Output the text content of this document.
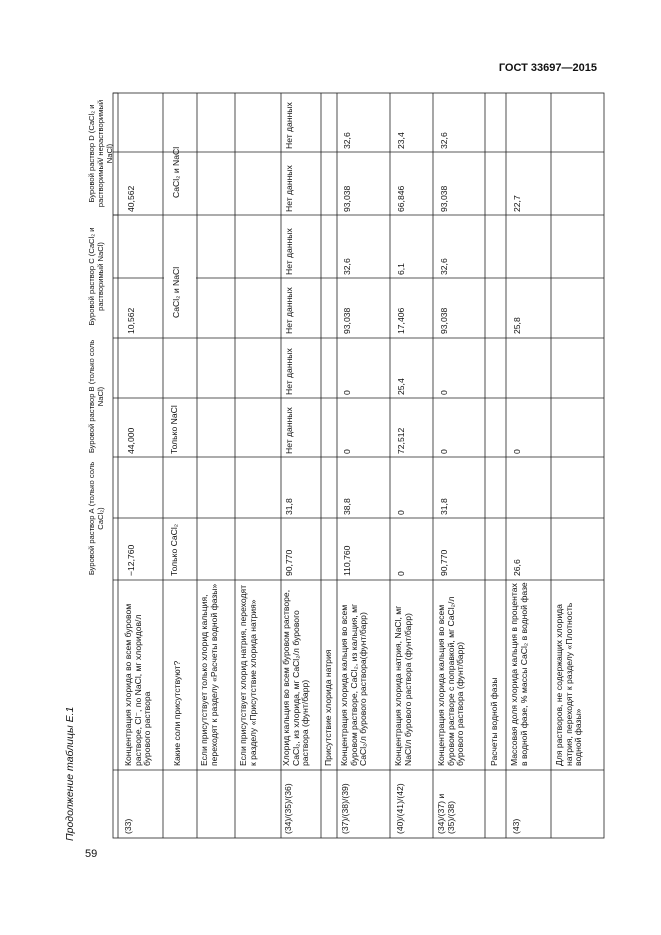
ГОСТ 33697—2015
Продолжение таблицы Е.1
59
Буровой раствор D (CaCl₂ и растворимый/ нерастворимый NaCl)
Буровой раствор С (CaCl₂ и растворимый NaCl)
Буровой раствор В (только соль NaCl)
Буровой раствор А (только соль CaCl₂)
(33)
Концентрация хлорида во всем буровом растворе, Cl⁻, по NaCl, мг хлоридов/л бурового раствора
−12,760
44,000
10,562
40,562
Какие соли присутствуют?
Только CaCl₂
Только NaCl
CaCl₂ и NaCl
CaCl₂ и NaCl
Если присутствует только хлорид кальция, переходят к разделу «Расчеты водной фазы» Если присутствует хлорид натрия, переходят к разделу «Присутствие хлорида натрия»
(34)/(35)/(36)
Хлорид кальция во всем буровом растворе, CaCl₂, из хлорида, мг CaCl₂/л бурового раствора (фунт/барр)
90,770
31,8
Нет данных
Нет данных
Нет данных
Нет данных
Нет данных
Нет данных
Присутствие хлорида натрия
(37)/(38)/(39)
Концентрация хлорида кальция во всем буровом растворе, CaCl₂, из кальция, мг CaCl₂/л бурового раствора(фунт/барр)
110,760
38,8
0
0
93,038
32,6
93,038
32,6
(40)/(41)/(42)
Концентрация хлорида натрия, NaCl, мг NaCl/л бурового раствора (фунт/барр)
0
0
72,512
25,4
17,406
6,1
66,846
23,4
(34)/(37) и (35)/(38)
Концентрация хлорида кальция во всем буровом растворе с поправкой, мг CaCl₂/л бурового раствора (фунт/барр)
90,770
31,8
0
0
93,038
32,6
93,038
32,6
Расчеты водной фазы
(43)
Массовая доля хлорида кальция в процентах в водной фазе, % массы CaCl₂ в водной фазе
26,6
0
25,8
22,7
Для растворов, не содержащих хлорида натрия, переходят к разделу «Плотность водной фазы»
